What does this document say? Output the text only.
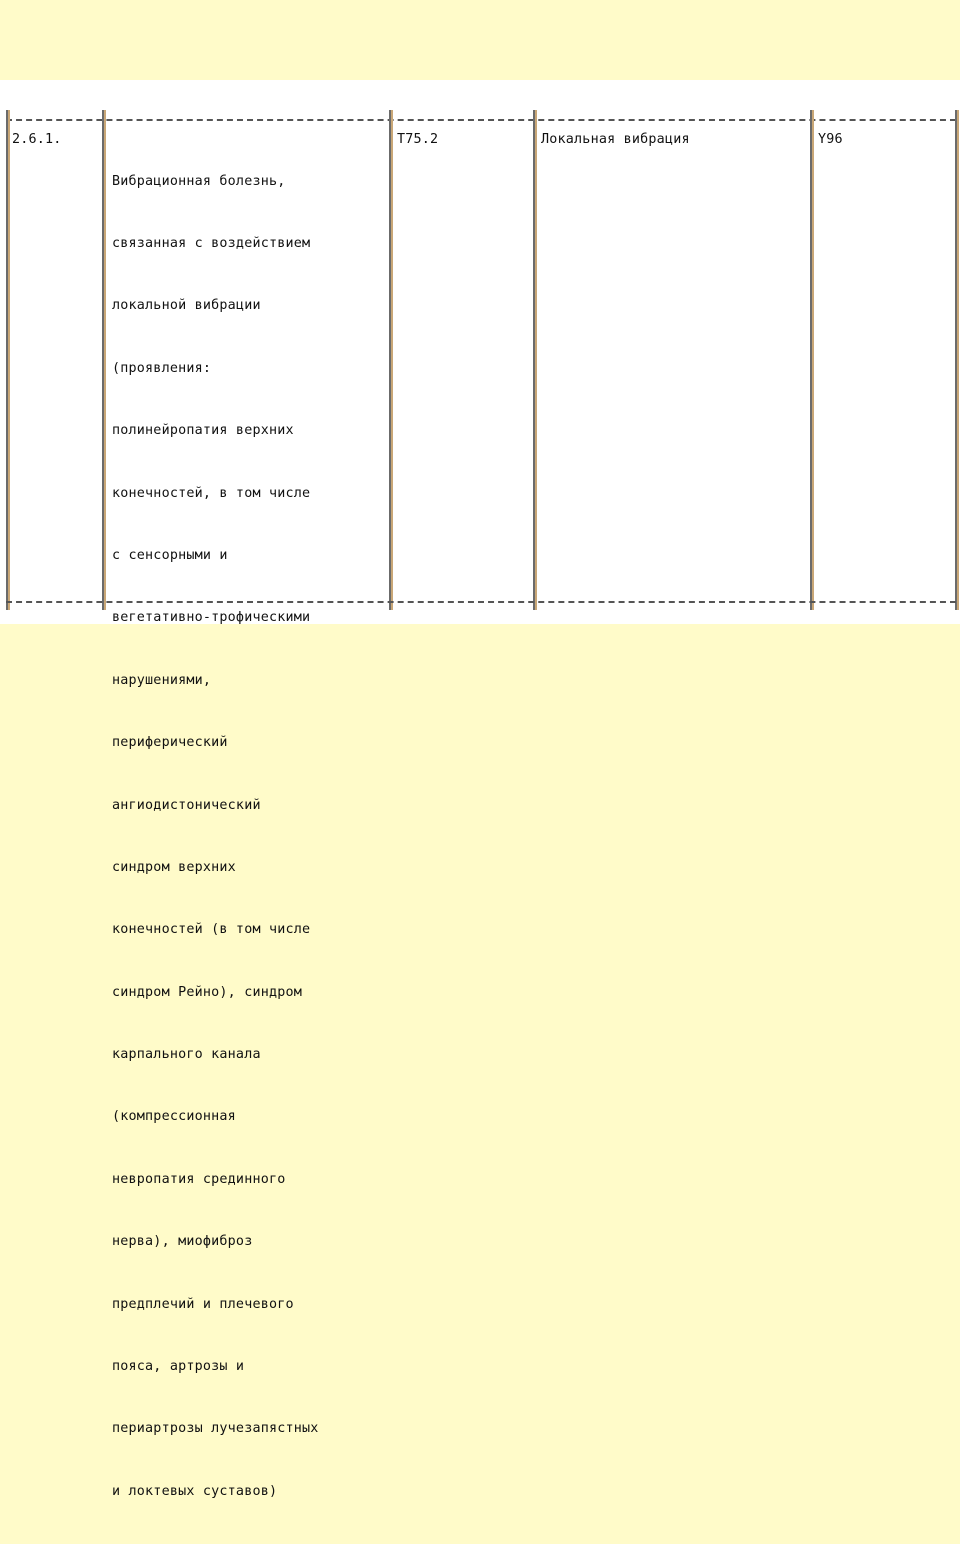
2.6.1.

Вибрационная болезнь,

связанная с воздействием

локальной вибрации

(проявления:

полинейропатия верхних

конечностей, в том числе

с сенсорными и

вегетативно-трофическими

нарушениями,

периферический

ангиодистонический

синдром верхних

конечностей (в том числе

синдром Рейно), синдром

карпального канала

(компрессионная

невропатия срединного

нерва), миофиброз

предплечий и плечевого

пояса, артрозы и

периартрозы лучезапястных

и локтевых суставов)

T75.2	Локальная вибрация	Y96
